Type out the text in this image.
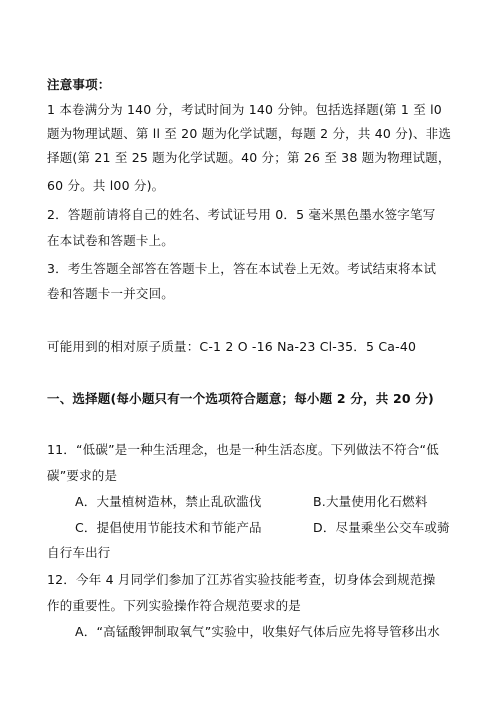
注意事项：
1 本卷满分为 140 分，考试时间为 140 分钟。包括选择题(第 1 至 l0
题为物理试题、第 ll 至 20 题为化学试题，每题 2 分，共 40 分)、非选
择题(第 21 至 25 题为化学试题。40 分；第 26 至 38 题为物理试题，
60 分。共 l00 分)。
2．答题前请将自己的姓名、考试证号用 0．5 毫米黑色墨水签字笔写
在本试卷和答题卡上。
3．考生答题全部答在答题卡上，答在本试卷上无效。考试结束将本试
卷和答题卡一并交回。
可能用到的相对原子质量：C-1 2 O -16 Na-23 Cl-35．5 Ca-40
一、选择题(每小题只有一个选项符合题意；每小题 2 分，共 20 分)
11．“低碳”是一种生活理念，也是一种生活态度。下列做法不符合“低
碳”要求的是
A．大量植树造林，禁止乱砍滥伐	B.大量使用化石燃料
C．提倡使用节能技术和节能产品	D．尽量乘坐公交车或骑
自行车出行
12．今年 4 月同学们参加了江苏省实验技能考查，切身体会到规范操
作的重要性。下列实验操作符合规范要求的是
A．“高锰酸钾制取氧气”实验中，收集好气体后应先将导管移出水
